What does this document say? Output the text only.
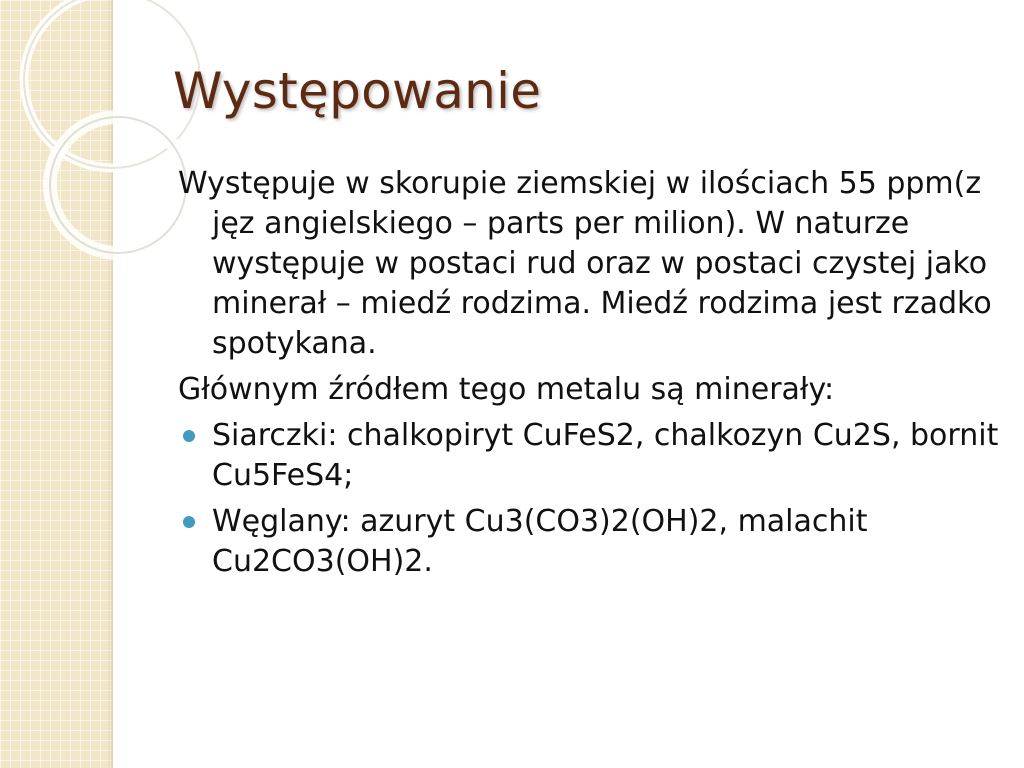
Występowanie

Występuje w skorupie ziemskiej w ilościach 55 ppm(z jęz angielskiego – parts per milion). W naturze występuje w postaci rud oraz w postaci czystej jako minerał – miedź rodzima. Miedź rodzima jest rzadko spotykana.

Głównym źródłem tego metalu są minerały:

Siarczki: chalkopiryt CuFeS2, chalkozyn Cu2S, bornit Cu5FeS4;
Węglany: azuryt Cu3(CO3)2(OH)2, malachit Cu2CO3(OH)2.
